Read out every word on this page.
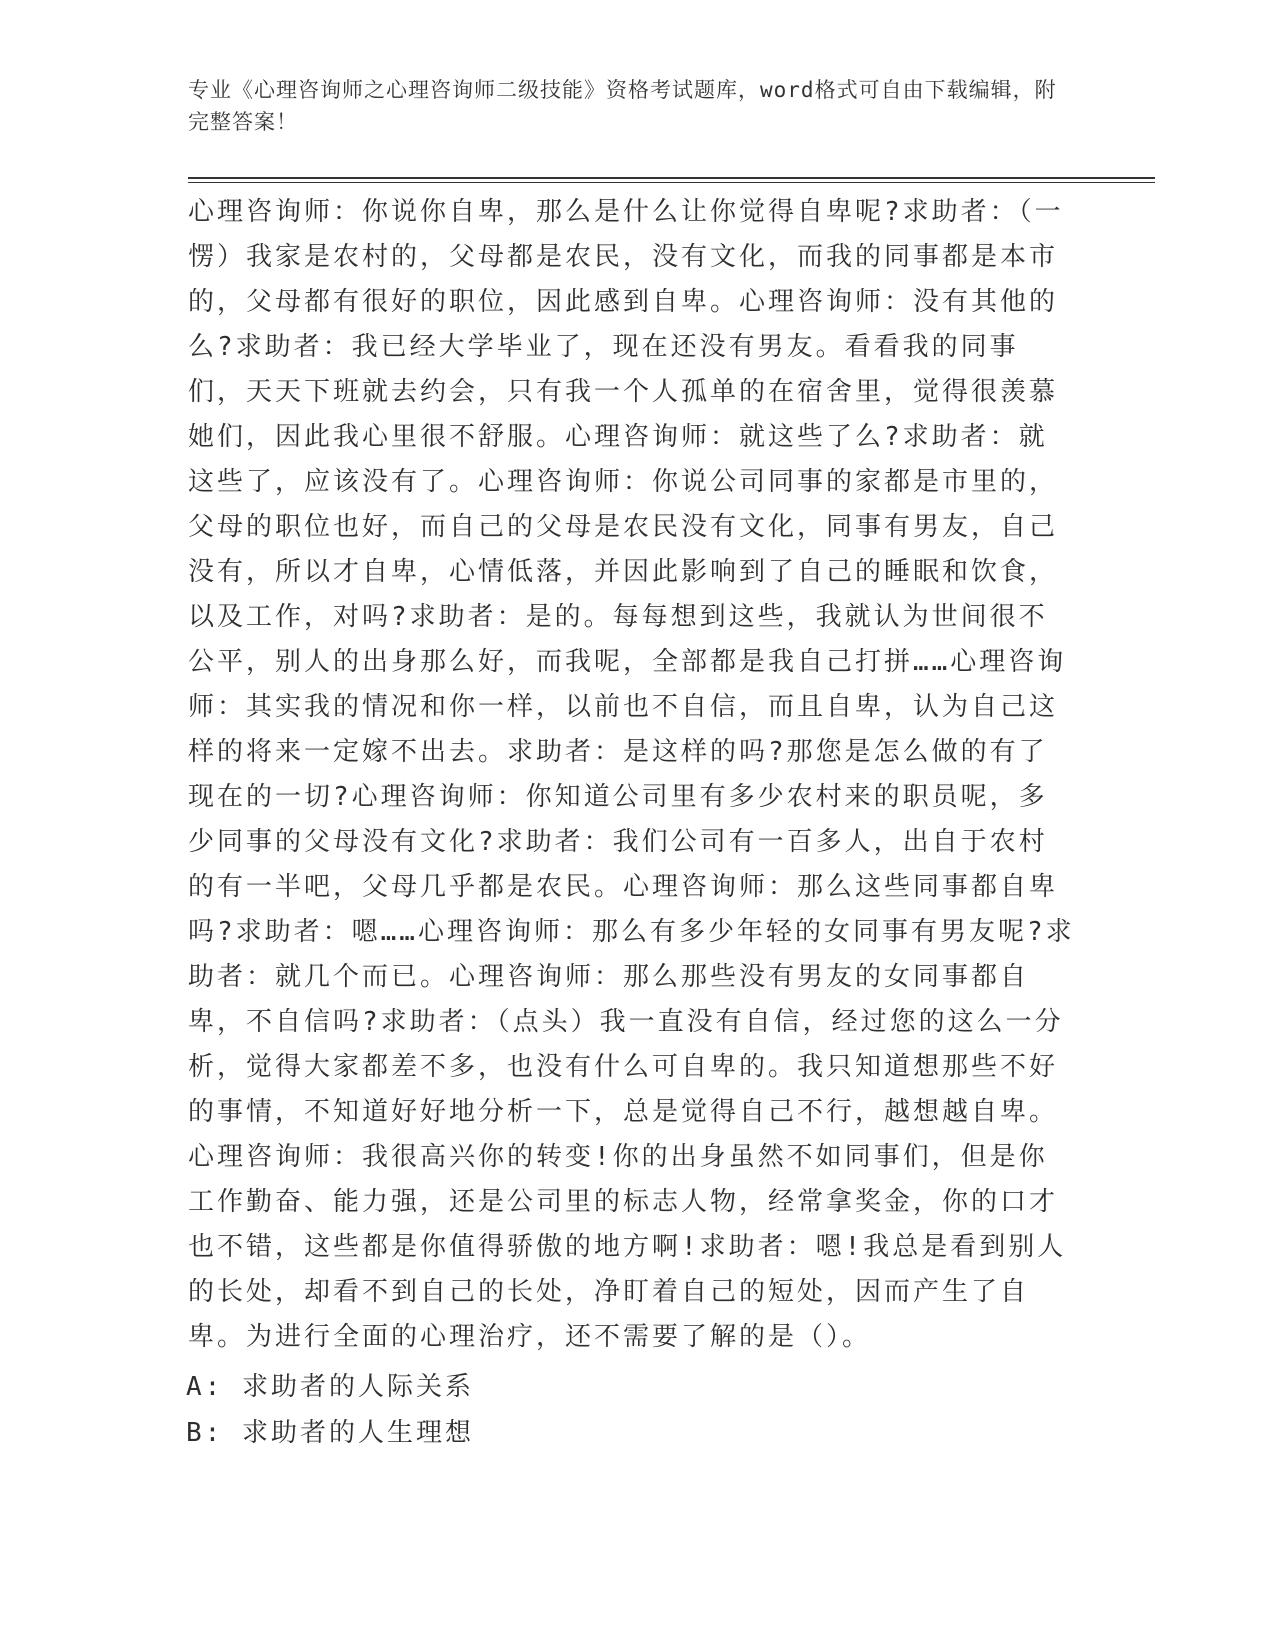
专业《心理咨询师之心理咨询师二级技能》资格考试题库，word格式可自由下载编辑，附完整答案！
心理咨询师：你说你自卑，那么是什么让你觉得自卑呢?求助者：（一愣）我家是农村的，父母都是农民，没有文化，而我的同事都是本市的，父母都有很好的职位，因此感到自卑。心理咨询师：没有其他的么?求助者：我已经大学毕业了，现在还没有男友。看看我的同事们，天天下班就去约会，只有我一个人孤单的在宿舍里，觉得很羡慕她们，因此我心里很不舒服。心理咨询师：就这些了么?求助者：就这些了，应该没有了。心理咨询师：你说公司同事的家都是市里的，父母的职位也好，而自己的父母是农民没有文化，同事有男友，自己没有，所以才自卑，心情低落，并因此影响到了自己的睡眠和饮食，以及工作，对吗?求助者：是的。每每想到这些，我就认为世间很不公平，别人的出身那么好，而我呢，全部都是我自己打拼……心理咨询师：其实我的情况和你一样，以前也不自信，而且自卑，认为自己这样的将来一定嫁不出去。求助者：是这样的吗?那您是怎么做的有了现在的一切?心理咨询师：你知道公司里有多少农村来的职员呢，多少同事的父母没有文化?求助者：我们公司有一百多人，出自于农村的有一半吧，父母几乎都是农民。心理咨询师：那么这些同事都自卑吗?求助者：嗯……心理咨询师：那么有多少年轻的女同事有男友呢?求助者：就几个而已。心理咨询师：那么那些没有男友的女同事都自卑，不自信吗?求助者：（点头）我一直没有自信，经过您的这么一分析，觉得大家都差不多，也没有什么可自卑的。我只知道想那些不好的事情，不知道好好地分析一下，总是觉得自己不行，越想越自卑。心理咨询师：我很高兴你的转变!你的出身虽然不如同事们，但是你工作勤奋、能力强，还是公司里的标志人物，经常拿奖金，你的口才也不错，这些都是你值得骄傲的地方啊!求助者：嗯!我总是看到别人的长处，却看不到自己的长处，净盯着自己的短处，因而产生了自卑。为进行全面的心理治疗，还不需要了解的是（）。
A: 求助者的人际关系
B: 求助者的人生理想
